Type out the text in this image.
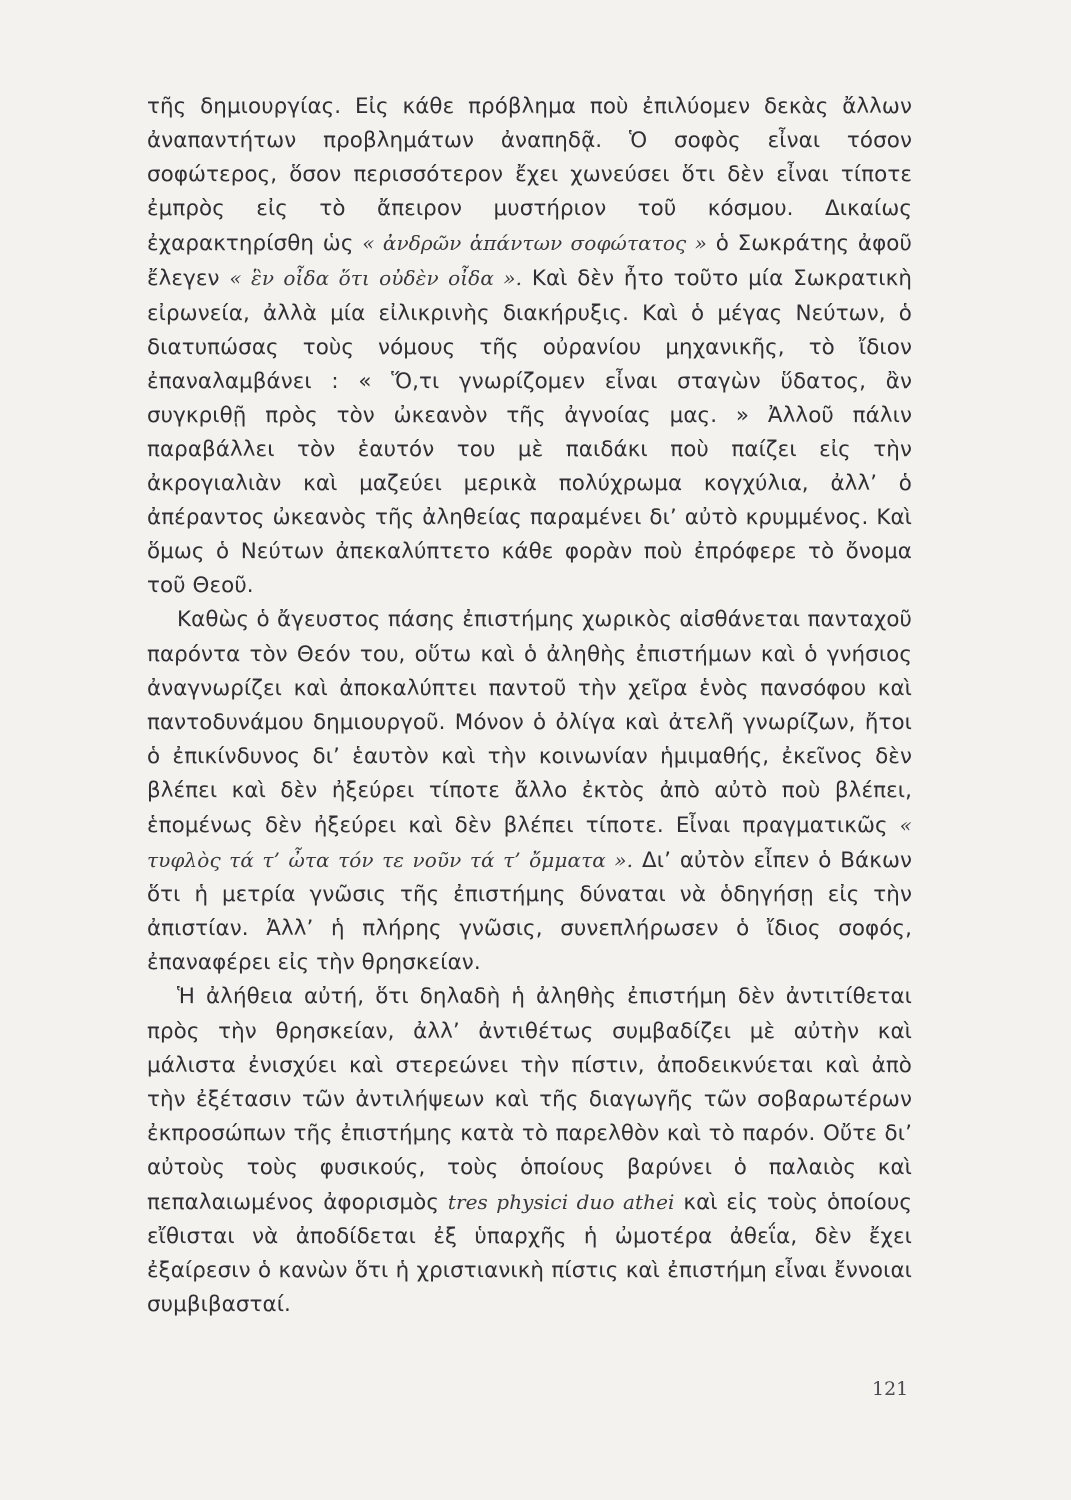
τῆς δημιουργίας. Εἰς κάθε πρόβλημα ποὺ ἐπιλύομεν δεκὰς ἄλλων ἀναπαντήτων προβλημάτων ἀναπηδᾷ. Ὁ σοφὸς εἶναι τόσον σοφώτερος, ὅσον περισσότερον ἔχει χωνεύσει ὅτι δὲν εἶναι τίποτε ἐμπρὸς εἰς τὸ ἄπειρον μυστήριον τοῦ κόσμου. Δικαίως ἐχαρακτηρίσθη ὡς « ἀνδρῶν ἁπάντων σοφώτατος » ὁ Σωκράτης ἀφοῦ ἔλεγεν « ἓν οἶδα ὅτι οὐδὲν οἶδα ». Καὶ δὲν ἦτο τοῦτο μία Σωκρατικὴ εἰρωνεία, ἀλλὰ μία εἰλικρινὴς διακήρυξις. Καὶ ὁ μέγας Νεύτων, ὁ διατυπώσας τοὺς νόμους τῆς οὐρανίου μηχανικῆς, τὸ ἴδιον ἐπαναλαμβάνει : « Ὅ,τι γνωρίζομεν εἶναι σταγὼν ὕδατος, ἂν συγκριθῇ πρὸς τὸν ὠκεανὸν τῆς ἀγνοίας μας. » Ἀλλοῦ πάλιν παραβάλλει τὸν ἑαυτόν του μὲ παιδάκι ποὺ παίζει εἰς τὴν ἀκρογιαλιὰν καὶ μαζεύει μερικὰ πολύχρωμα κογχύλια, ἀλλ’ ὁ ἀπέραντος ὠκεανὸς τῆς ἀληθείας παραμένει δι’ αὐτὸ κρυμμένος. Καὶ ὅμως ὁ Νεύτων ἀπεκαλύπτετο κάθε φορὰν ποὺ ἐπρόφερε τὸ ὄνομα τοῦ Θεοῦ.

Καθὼς ὁ ἄγευστος πάσης ἐπιστήμης χωρικὸς αἰσθάνεται πανταχοῦ παρόντα τὸν Θεόν του, οὕτω καὶ ὁ ἀληθὴς ἐπιστήμων καὶ ὁ γνήσιος ἀναγνωρίζει καὶ ἀποκαλύπτει παντοῦ τὴν χεῖρα ἑνὸς πανσόφου καὶ παντοδυνάμου δημιουργοῦ. Μόνον ὁ ὀλίγα καὶ ἀτελῆ γνωρίζων, ἤτοι ὁ ἐπικίνδυνος δι’ ἑαυτὸν καὶ τὴν κοινωνίαν ἡμιμαθής, ἐκεῖνος δὲν βλέπει καὶ δὲν ἠξεύρει τίποτε ἄλλο ἐκτὸς ἀπὸ αὐτὸ ποὺ βλέπει, ἑπομένως δὲν ἠξεύρει καὶ δὲν βλέπει τίποτε. Εἶναι πραγματικῶς « τυφλὸς τά τ’ ὦτα τόν τε νοῦν τά τ’ ὄμματα ». Δι’ αὐτὸν εἶπεν ὁ Βάκων ὅτι ἡ μετρία γνῶσις τῆς ἐπιστήμης δύναται νὰ ὁδηγήσῃ εἰς τὴν ἀπιστίαν. Ἀλλ’ ἡ πλήρης γνῶσις, συνεπλήρωσεν ὁ ἴδιος σοφός, ἐπαναφέρει εἰς τὴν θρησκείαν.

Ἡ ἀλήθεια αὐτή, ὅτι δηλαδὴ ἡ ἀληθὴς ἐπιστήμη δὲν ἀντιτίθεται πρὸς τὴν θρησκείαν, ἀλλ’ ἀντιθέτως συμβαδίζει μὲ αὐτὴν καὶ μάλιστα ἐνισχύει καὶ στερεώνει τὴν πίστιν, ἀποδεικνύεται καὶ ἀπὸ τὴν ἐξέτασιν τῶν ἀντιλήψεων καὶ τῆς διαγωγῆς τῶν σοβαρωτέρων ἐκπροσώπων τῆς ἐπιστήμης κατὰ τὸ παρελθὸν καὶ τὸ παρόν. Οὔτε δι’ αὐτοὺς τοὺς φυσικούς, τοὺς ὁποίους βαρύνει ὁ παλαιὸς καὶ πεπαλαιωμένος ἀφορισμὸς tres physici duo athei καὶ εἰς τοὺς ὁποίους εἴθισται νὰ ἀποδίδεται ἐξ ὑπαρχῆς ἡ ὠμοτέρα ἀθεΐα, δὲν ἔχει ἐξαίρεσιν ὁ κανὼν ὅτι ἡ χριστιανικὴ πίστις καὶ ἐπιστήμη εἶναι ἔννοιαι συμβιβασταί.

121
